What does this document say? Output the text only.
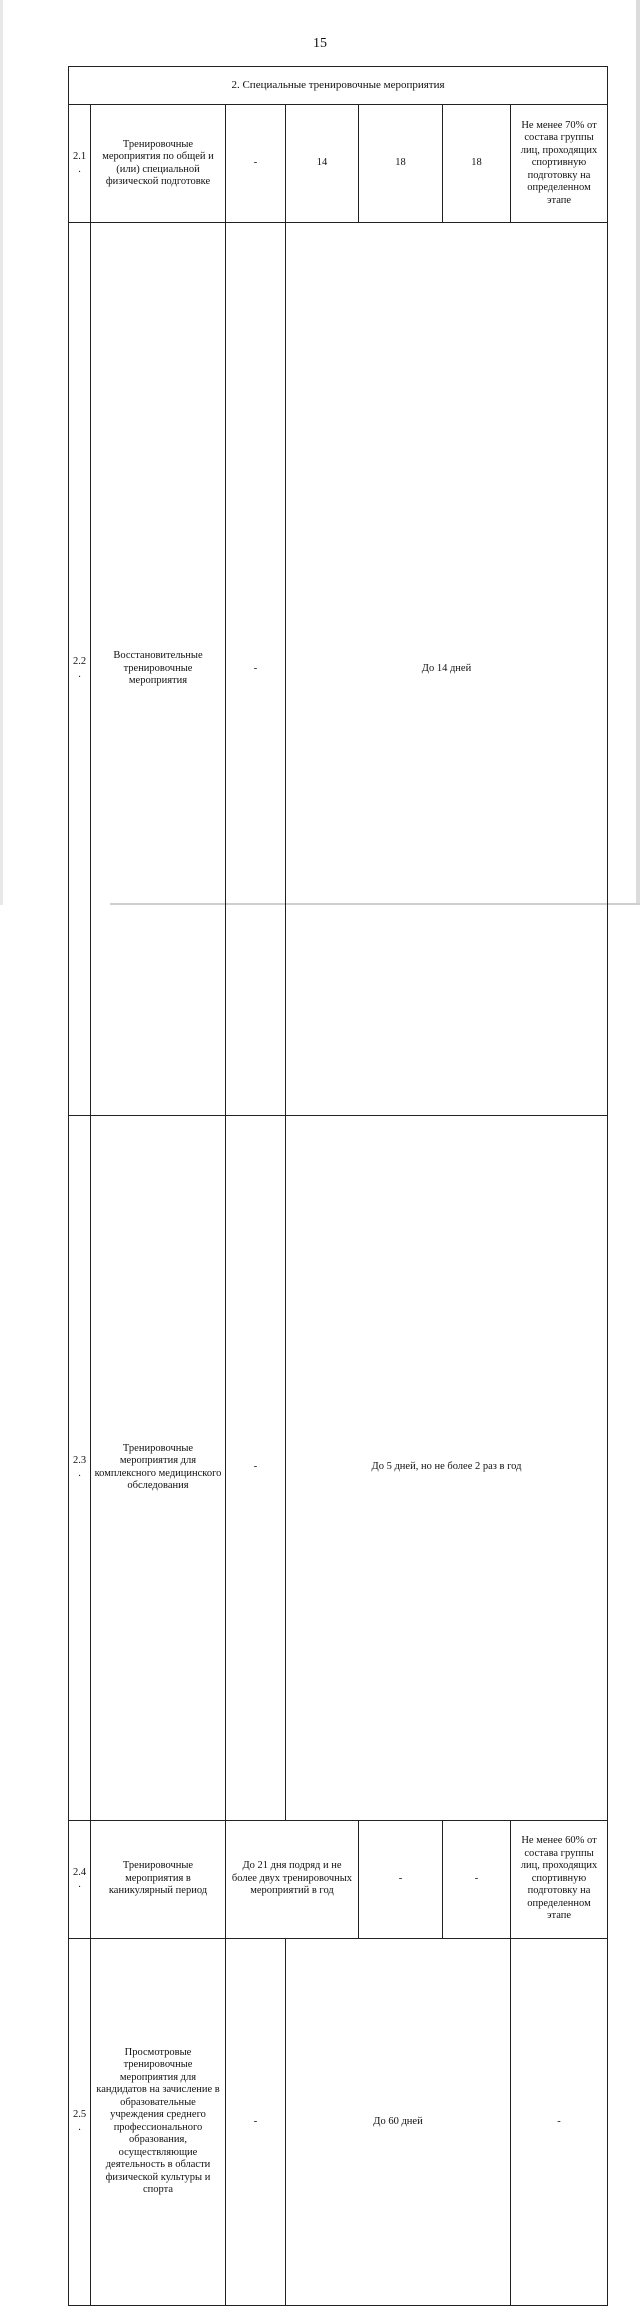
15
2. Специальные тренировочные мероприятия							
2.1.	Тренировочные мероприятия по общей и (или) специальной физической подготовке	-	14	18	18	Не менее 70% от состава группы лиц, проходящих спортивную подготовку на определенном этапе	
2.2.	Восстановительные тренировочные мероприятия	-	До 14 дней	
2.3.	Тренировочные мероприятия для комплексного медицинского обследования	-	До 5 дней, но не более 2 раз в год	
2.4.	Тренировочные мероприятия в каникулярный период	До 21 дня подряд и не более двух тренировочных мероприятий в год		-	-	Не менее 60% от состава группы лиц, проходящих спортивную подготовку на определенном этапе	
2.5.	Просмотровые тренировочные мероприятия для кандидатов на зачисление в образовательные учреждения среднего профессионального образования, осуществляющие деятельность в области физической культуры и спорта	-	До 60 дней			-	
